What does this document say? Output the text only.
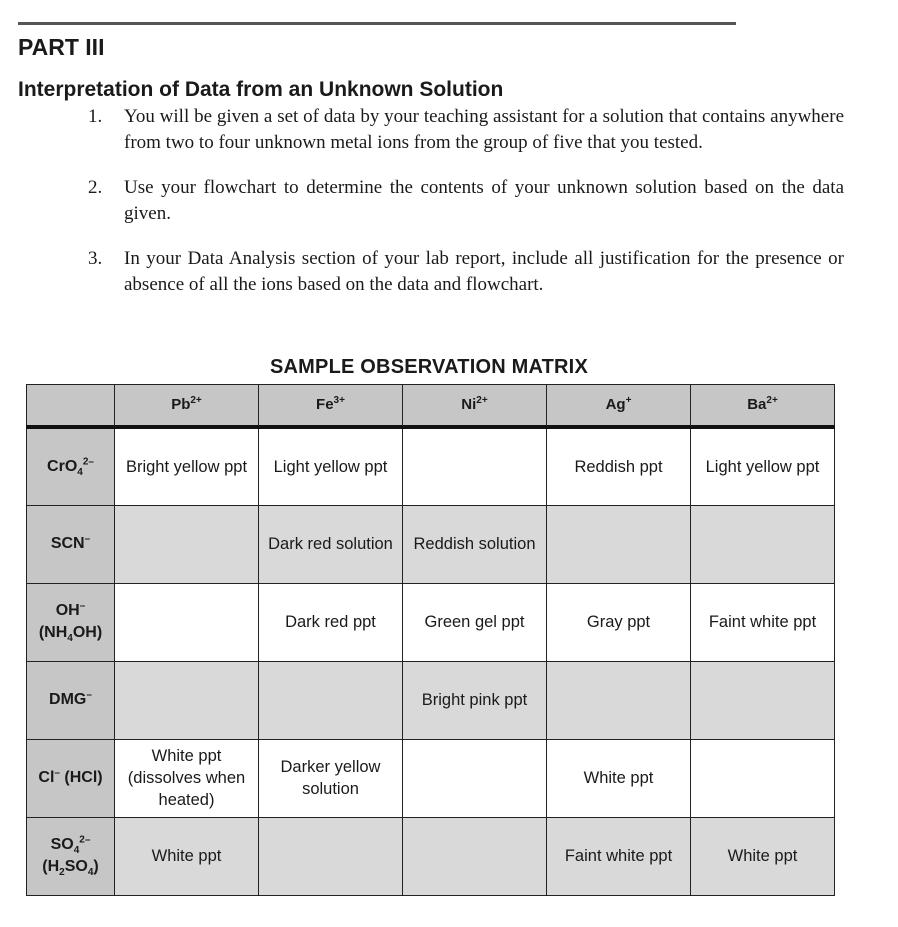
PART III
Interpretation of Data from an Unknown Solution
1. You will be given a set of data by your teaching assistant for a solution that contains anywhere from two to four unknown metal ions from the group of five that you tested.
2. Use your flowchart to determine the contents of your unknown solution based on the data given.
3. In your Data Analysis section of your lab report, include all justification for the presence or absence of all the ions based on the data and flowchart.
SAMPLE OBSERVATION MATRIX
	$Pb^{2+}$	$Fe^{3+}$	$Ni^{2+}$	Ag+	$Ba^{2+}$
CrO$_4^{2-}$	Bright yellow ppt	Light yellow ppt		Reddish ppt	Light yellow ppt
SCN–		Dark red solution	Reddish solution		
OH–
$(NH_4OH)$		Dark red ppt	Green gel ppt	Gray ppt	Faint white ppt
DMG–			Bright pink ppt		
Cl– (HCl)	White ppt (dissolves when heated)	Darker yellow solution		White ppt	
$SO_4^{2-}$
$(H_2SO_4)$	White ppt			Faint white ppt	White ppt
